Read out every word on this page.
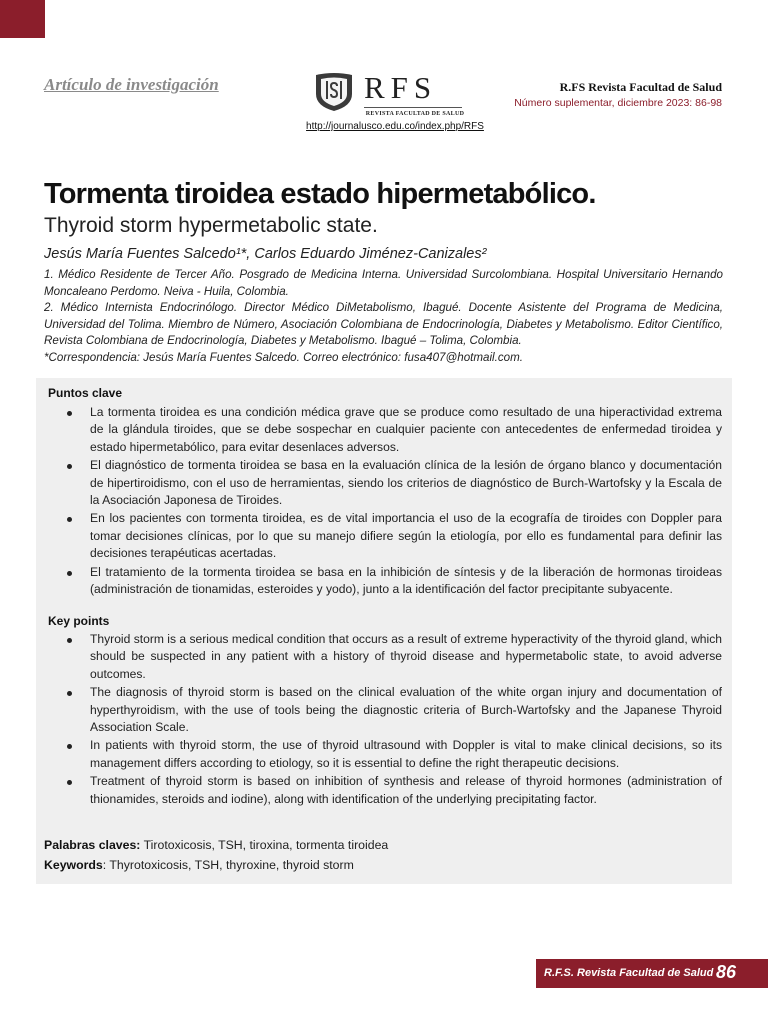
Artículo de investigación	RFS
REVISTA FACULTAD DE SALUD
http://journalusco.edu.co/index.php/RFS
R.FS Revista Facultad de Salud
Número suplementar, diciembre 2023: 86-98
Tormenta tiroidea estado hipermetabólico.
Thyroid storm hypermetabolic state.
Jesús María Fuentes Salcedo¹*, Carlos Eduardo Jiménez-Canizales²

1. Médico Residente de Tercer Año. Posgrado de Medicina Interna. Universidad Surcolombiana. Hospital Universitario Hernando Moncaleano Perdomo. Neiva - Huila, Colombia.

2. Médico Internista Endocrinólogo. Director Médico DiMetabolismo, Ibagué. Docente Asistente del Programa de Medicina, Universidad del Tolima. Miembro de Número, Asociación Colombiana de Endocrinología, Diabetes y Metabolismo. Editor Científico, Revista Colombiana de Endocrinología, Diabetes y Metabolismo. Ibagué – Tolima, Colombia.

*Correspondencia: Jesús María Fuentes Salcedo. Correo electrónico: fusa407@hotmail.com.

Puntos clave
La tormenta tiroidea es una condición médica grave que se produce como resultado de una hiperactividad extrema de la glándula tiroides, que se debe sospechar en cualquier paciente con antecedentes de enfermedad tiroidea y estado hipermetabólico, para evitar desenlaces adversos.
El diagnóstico de tormenta tiroidea se basa en la evaluación clínica de la lesión de órgano blanco y documentación de hipertiroidismo, con el uso de herramientas, siendo los criterios de diagnóstico de Burch-Wartofsky y la Escala de la Asociación Japonesa de Tiroides.
En los pacientes con tormenta tiroidea, es de vital importancia el uso de la ecografía de tiroides con Doppler para tomar decisiones clínicas, por lo que su manejo difiere según la etiología, por ello es fundamental para definir las decisiones terapéuticas acertadas.
El tratamiento de la tormenta tiroidea se basa en la inhibición de síntesis y de la liberación de hormonas tiroideas (administración de tionamidas, esteroides y yodo), junto a la identificación del factor precipitante subyacente.
Key points
Thyroid storm is a serious medical condition that occurs as a result of extreme hyperactivity of the thyroid gland, which should be suspected in any patient with a history of thyroid disease and hypermetabolic state, to avoid adverse outcomes.
The diagnosis of thyroid storm is based on the clinical evaluation of the white organ injury and documentation of hyperthyroidism, with the use of tools being the diagnostic criteria of Burch-Wartofsky and the Japanese Thyroid Association Scale.
In patients with thyroid storm, the use of thyroid ultrasound with Doppler is vital to make clinical decisions, so its management differs according to etiology, so it is essential to define the right therapeutic decisions.
Treatment of thyroid storm is based on inhibition of synthesis and release of thyroid hormones (administration of thionamides, steroids and iodine), along with identification of the underlying precipitating factor.
Palabras claves: Tirotoxicosis, TSH, tiroxina, tormenta tiroidea
Keywords: Thyrotoxicosis, TSH, thyroxine, thyroid storm
R.F.S. Revista Facultad de Salud 86
